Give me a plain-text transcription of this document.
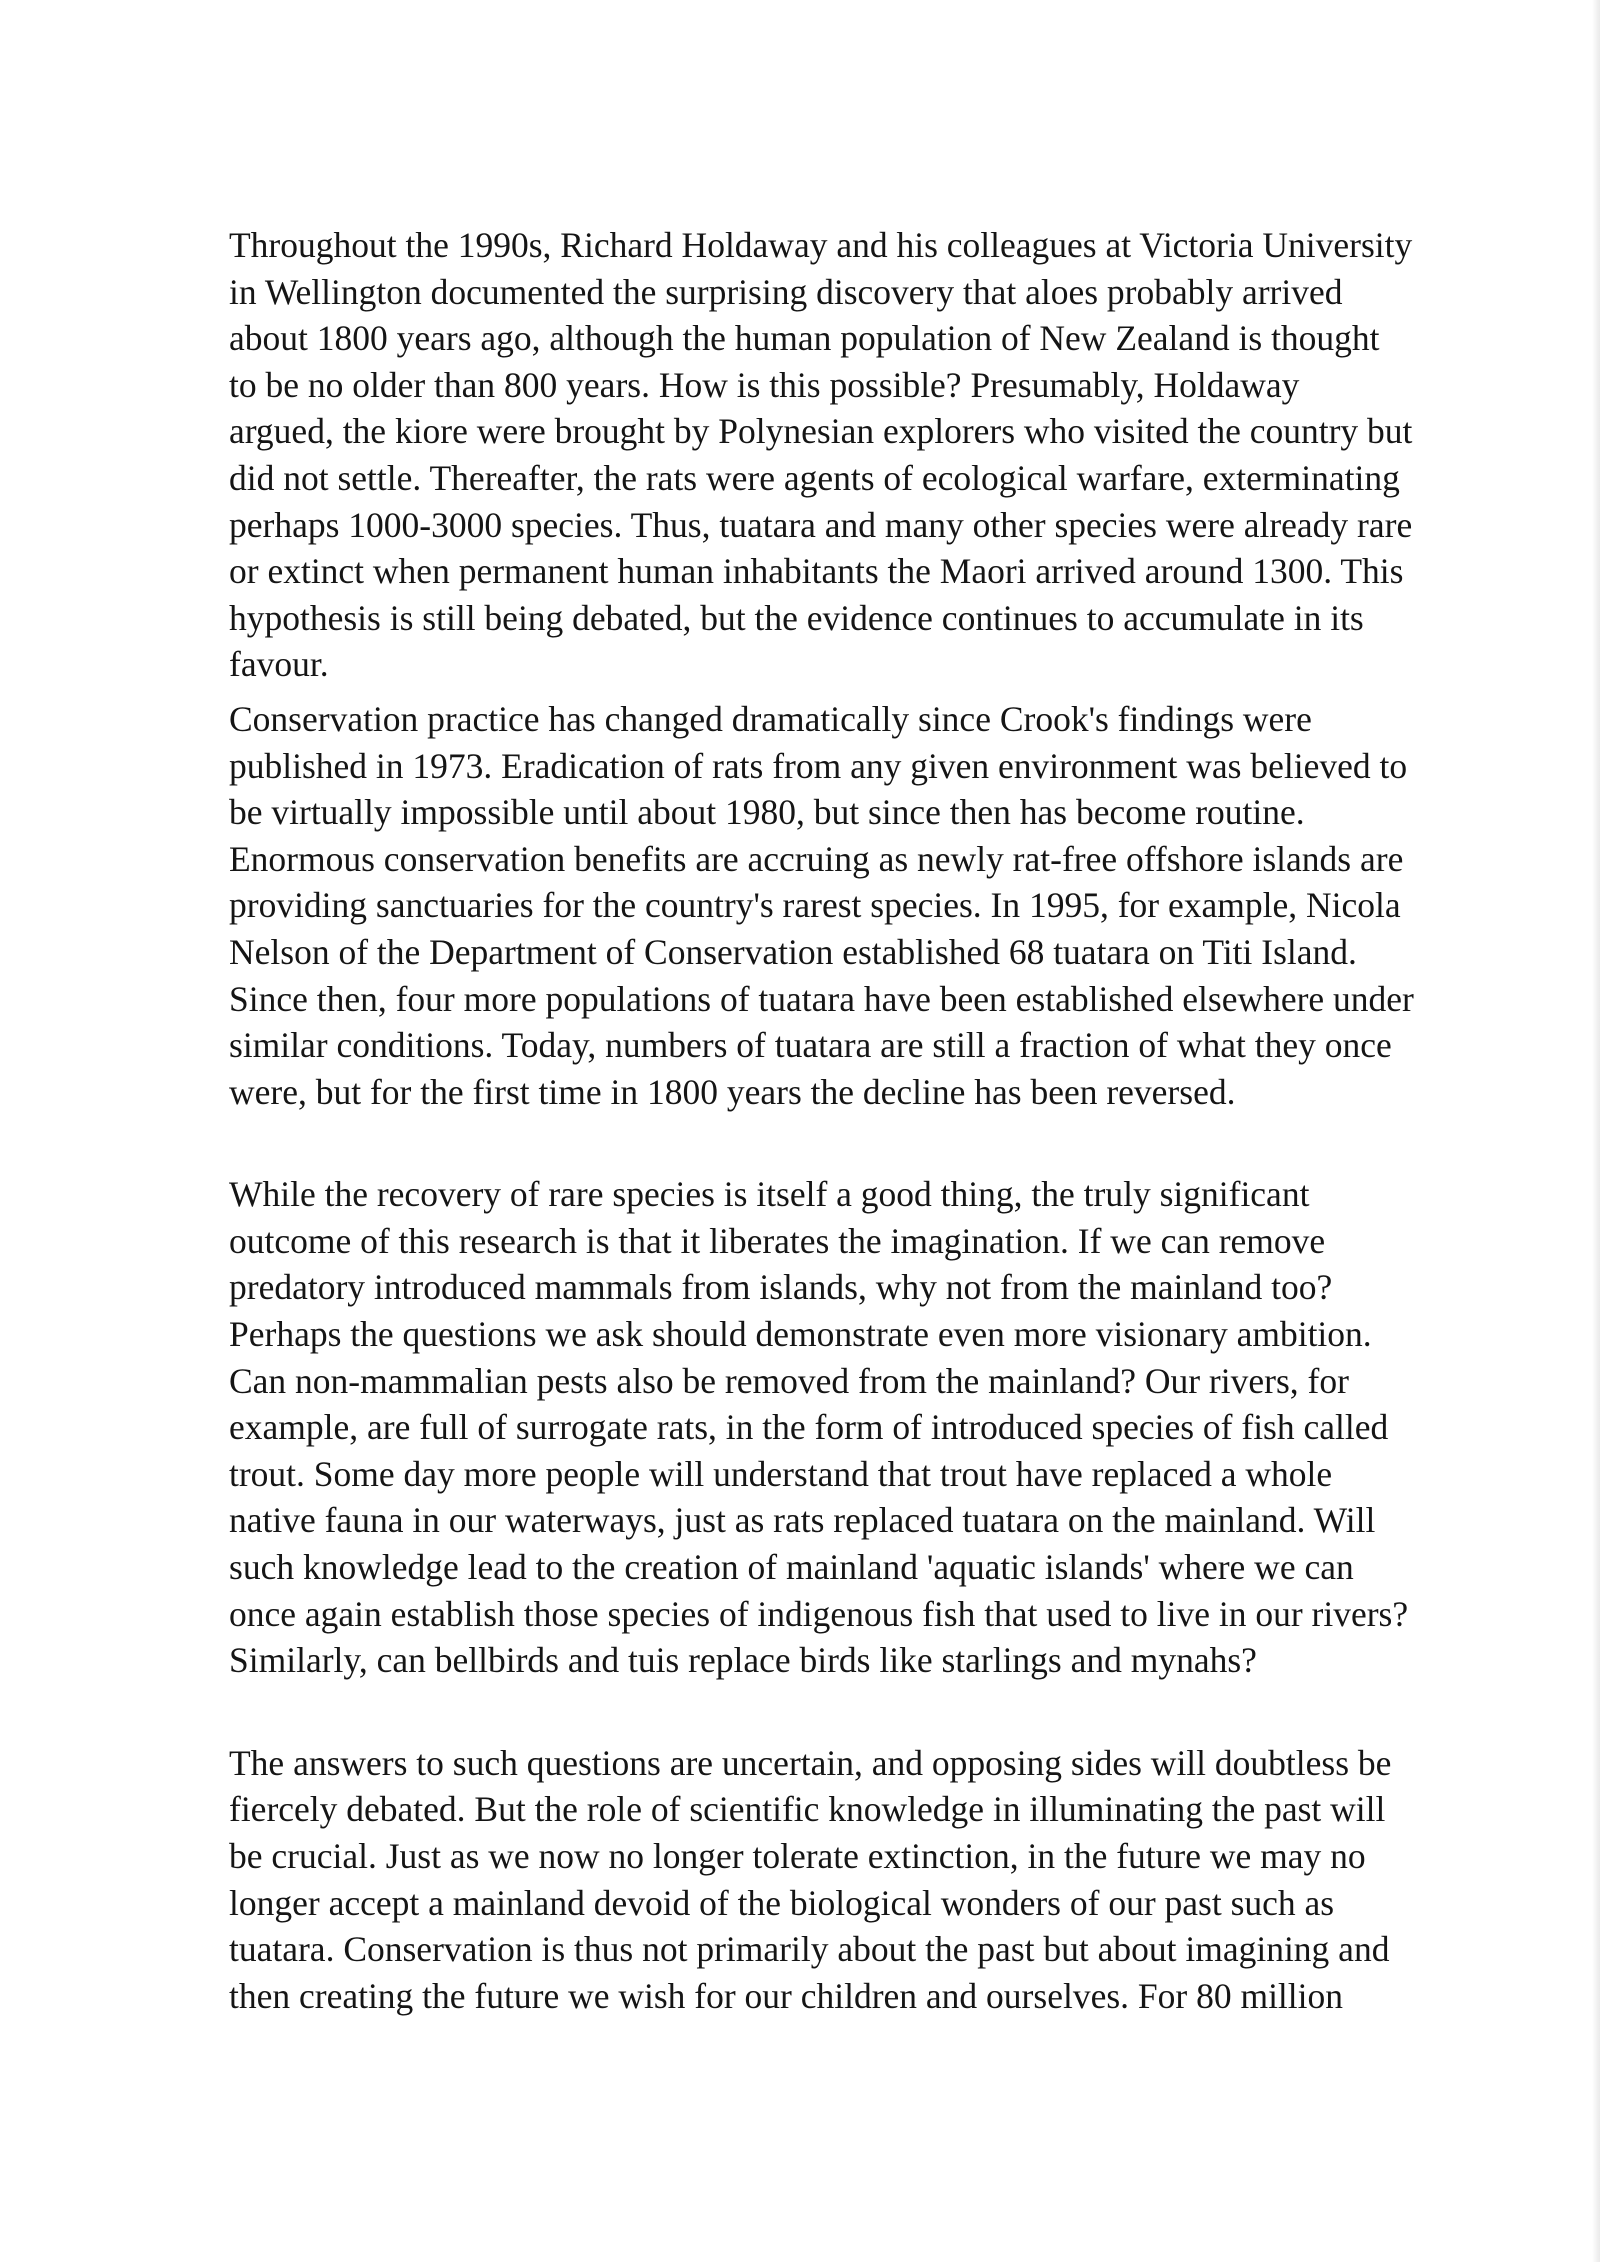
Throughout the 1990s, Richard Holdaway and his colleagues at Victoria University
in Wellington documented the surprising discovery that aloes probably arrived
about 1800 years ago, although the human population of New Zealand is thought
to be no older than 800 years. How is this possible? Presumably, Holdaway
argued, the kiore were brought by Polynesian explorers who visited the country but
did not settle. Thereafter, the rats were agents of ecological warfare, exterminating
perhaps 1000-3000 species. Thus, tuatara and many other species were already rare
or extinct when permanent human inhabitants the Maori arrived around 1300. This
hypothesis is still being debated, but the evidence continues to accumulate in its
favour.

Conservation practice has changed dramatically since Crook's findings were
published in 1973. Eradication of rats from any given environment was believed to
be virtually impossible until about 1980, but since then has become routine.
Enormous conservation benefits are accruing as newly rat-free offshore islands are
providing sanctuaries for the country's rarest species. In 1995, for example, Nicola
Nelson of the Department of Conservation established 68 tuatara on Titi Island.
Since then, four more populations of tuatara have been established elsewhere under
similar conditions. Today, numbers of tuatara are still a fraction of what they once
were, but for the first time in 1800 years the decline has been reversed.

While the recovery of rare species is itself a good thing, the truly significant
outcome of this research is that it liberates the imagination. If we can remove
predatory introduced mammals from islands, why not from the mainland too?
Perhaps the questions we ask should demonstrate even more visionary ambition.
Can non-mammalian pests also be removed from the mainland? Our rivers, for
example, are full of surrogate rats, in the form of introduced species of fish called
trout. Some day more people will understand that trout have replaced a whole
native fauna in our waterways, just as rats replaced tuatara on the mainland. Will
such knowledge lead to the creation of mainland 'aquatic islands' where we can
once again establish those species of indigenous fish that used to live in our rivers?
Similarly, can bellbirds and tuis replace birds like starlings and mynahs?

The answers to such questions are uncertain, and opposing sides will doubtless be
fiercely debated. But the role of scientific knowledge in illuminating the past will
be crucial. Just as we now no longer tolerate extinction, in the future we may no
longer accept a mainland devoid of the biological wonders of our past such as
tuatara. Conservation is thus not primarily about the past but about imagining and
then creating the future we wish for our children and ourselves. For 80 million
